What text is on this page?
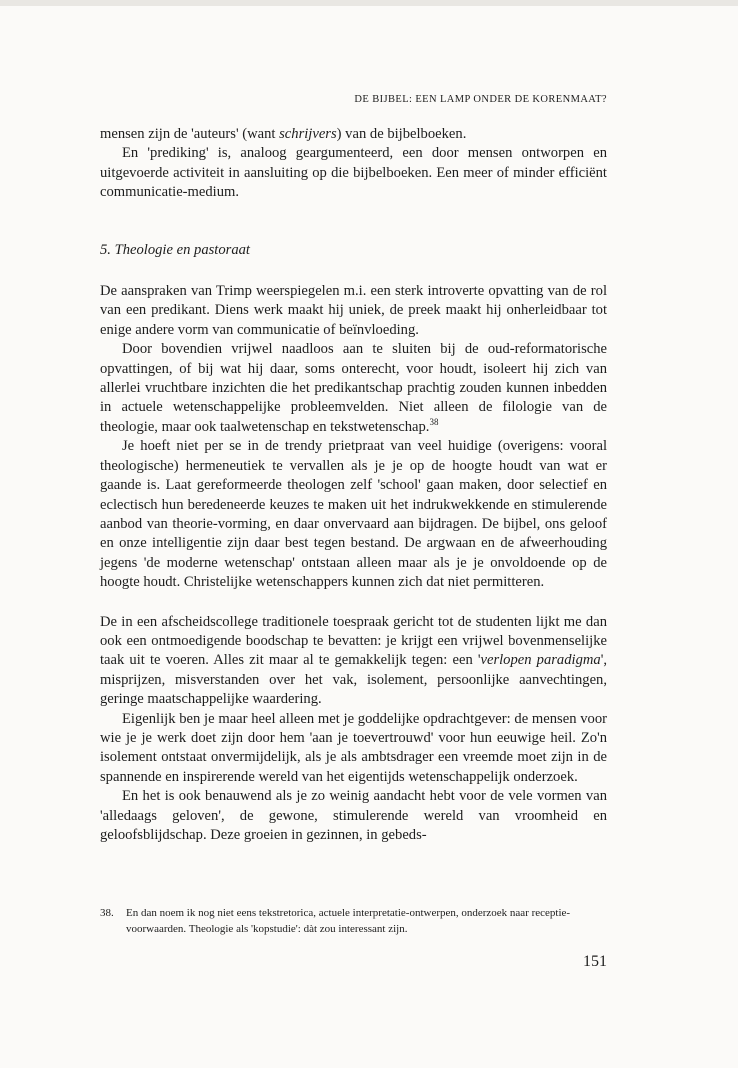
DE BIJBEL: EEN LAMP ONDER DE KORENMAAT?

mensen zijn de 'auteurs' (want schrijvers) van de bijbelboeken.

En 'prediking' is, analoog geargumenteerd, een door mensen ontworpen en uitgevoerde activiteit in aansluiting op die bijbelboeken. Een meer of minder efficiënt communicatie-medium.

5. Theologie en pastoraat

De aanspraken van Trimp weerspiegelen m.i. een sterk introverte opvatting van de rol van een predikant. Diens werk maakt hij uniek, de preek maakt hij onherleidbaar tot enige andere vorm van communicatie of beïnvloeding.

Door bovendien vrijwel naadloos aan te sluiten bij de oud-reformatorische opvattingen, of bij wat hij daar, soms onterecht, voor houdt, isoleert hij zich van allerlei vruchtbare inzichten die het predikantschap prachtig zouden kunnen inbedden in actuele wetenschappelijke probleemvelden. Niet alleen de filologie van de theologie, maar ook taalwetenschap en tekstwetenschap.$^{38}$

Je hoeft niet per se in de trendy prietpraat van veel huidige (overigens: vooral theologische) hermeneutiek te vervallen als je je op de hoogte houdt van wat er gaande is. Laat gereformeerde theologen zelf 'school' gaan maken, door selectief en eclectisch hun beredeneerde keuzes te maken uit het indrukwekkende en stimulerende aanbod van theorie-vorming, en daar onvervaard aan bijdragen. De bijbel, ons geloof en onze intelligentie zijn daar best tegen bestand. De argwaan en de afweerhouding jegens 'de moderne wetenschap' ontstaan alleen maar als je je onvoldoende op de hoogte houdt. Christelijke wetenschappers kunnen zich dat niet permitteren.

De in een afscheidscollege traditionele toespraak gericht tot de studenten lijkt me dan ook een ontmoedigende boodschap te bevatten: je krijgt een vrijwel bovenmenselijke taak uit te voeren. Alles zit maar al te gemakkelijk tegen: een 'verlopen paradigma', misprijzen, misverstanden over het vak, isolement, persoonlijke aanvechtingen, geringe maatschappelijke waardering.

Eigenlijk ben je maar heel alleen met je goddelijke opdrachtgever: de mensen voor wie je je werk doet zijn door hem 'aan je toevertrouwd' voor hun eeuwige heil. Zo'n isolement ontstaat onvermijdelijk, als je als ambtsdrager een vreemde moet zijn in de spannende en inspirerende wereld van het eigentijds wetenschappelijk onderzoek.

En het is ook benauwend als je zo weinig aandacht hebt voor de vele vormen van 'alledaags geloven', de gewone, stimulerende wereld van vroomheid en geloofsblijdschap. Deze groeien in gezinnen, in gebeds-

38.	En dan noem ik nog niet eens tekstretorica, actuele interpretatie-ontwerpen, onderzoek naar receptie-voorwaarden. Theologie als 'kopstudie': dàt zou interessant zijn.
151
